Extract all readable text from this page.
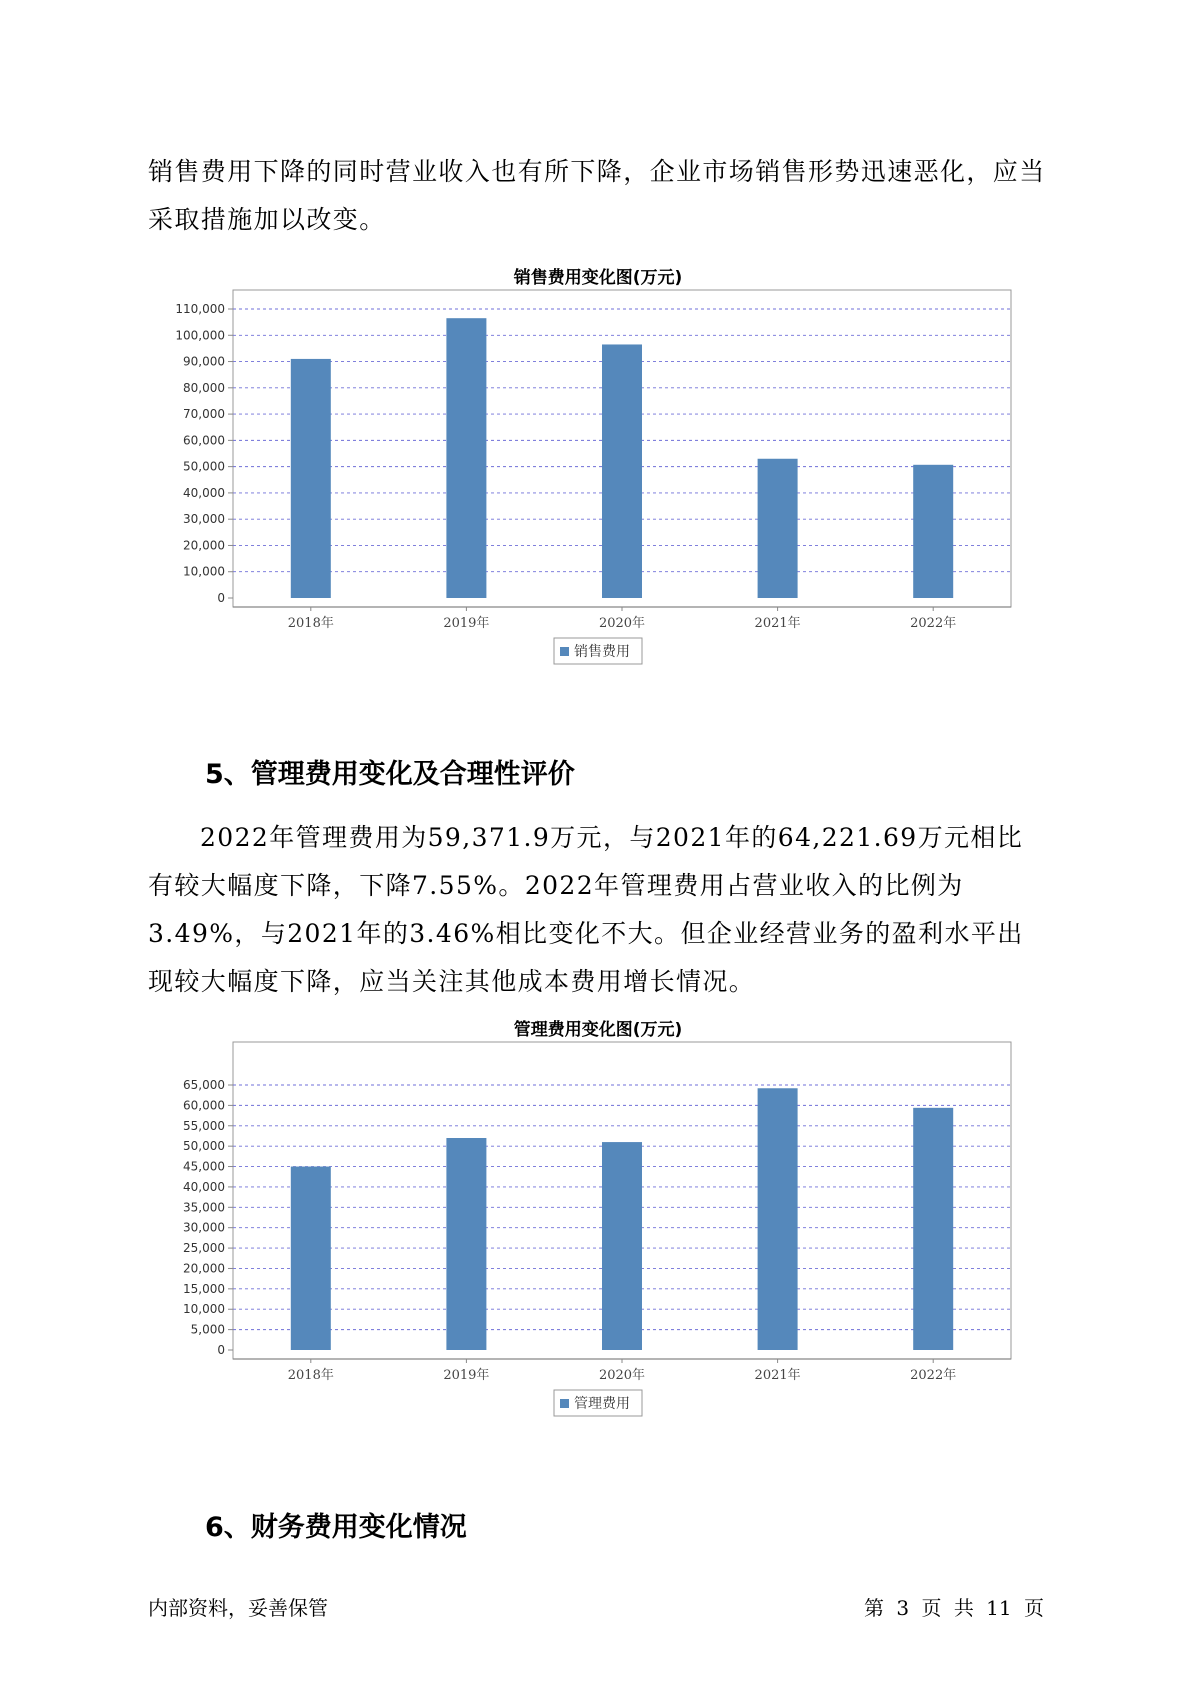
销售费用下降的同时营业收入也有所下降，企业市场销售形势迅速恶化，应当采取措施加以改变。

销售费用变化图(万元)
0
10,000
20,000
30,000
40,000
50,000
60,000
70,000
80,000
90,000
100,000
110,000
2018年	2019年	2020年	2021年	2022年
销售费用
5、管理费用变化及合理性评价

2022年管理费用为59,371.9万元，与2021年的64,221.69万元相比有较大幅度下降，下降7.55%。2022年管理费用占营业收入的比例为3.49%，与2021年的3.46%相比变化不大。但企业经营业务的盈利水平出现较大幅度下降，应当关注其他成本费用增长情况。

管理费用变化图(万元)
0
5,000
10,000
15,000
20,000
25,000
30,000
35,000
40,000
45,000
50,000
55,000
60,000
65,000
2018年	2019年	2020年	2021年	2022年
管理费用
6、财务费用变化情况

内部资料，妥善保管	第 3 页 共 11 页
